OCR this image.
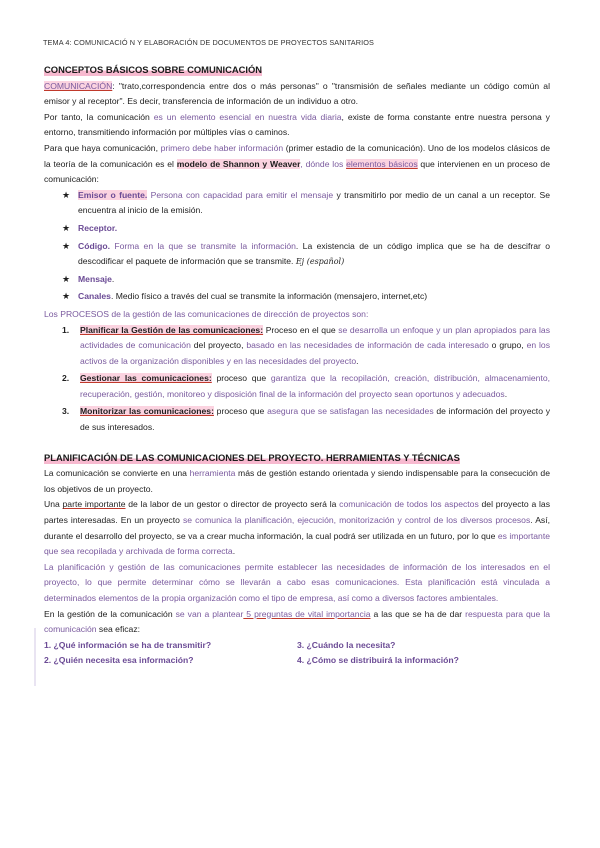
TEMA 4: COMUNICACIÓ N Y ELABORACIÓN DE DOCUMENTOS DE PROYECTOS SANITARIOS
CONCEPTOS BÁSICOS SOBRE COMUNICACIÓN

COMUNICACIÓN: "trato,correspondencia entre dos o más personas" o "transmisión de señales mediante un código común al emisor y al receptor". Es decir, transferencia de información de un individuo a otro.

Por tanto, la comunicación es un elemento esencial en nuestra vida diaria, existe de forma constante entre nuestra persona y entorno, transmitiendo información por múltiples vías o caminos.

Para que haya comunicación, primero debe haber información (primer estadio de la comunicación). Uno de los modelos clásicos de la teoría de la comunicación es el modelo de Shannon y Weaver, dónde los elementos básicos que intervienen en un proceso de comunicación:

★ Emisor o fuente. Persona con capacidad para emitir el mensaje y transmitirlo por medio de un canal a un receptor. Se encuentra al inicio de la emisión.
★ Receptor.
★ Código. Forma en la que se transmite la información. La existencia de un código implica que se ha de descifrar o descodificar el paquete de información que se transmite. Ej (español)
★ Mensaje.
★ Canales. Medio físico a través del cual se transmite la información (mensajero, internet,etc)

Los PROCESOS de la gestión de las comunicaciones de dirección de proyectos son:

1. Planificar la Gestión de las comunicaciones: Proceso en el que se desarrolla un enfoque y un plan apropiados para las actividades de comunicación del proyecto, basado en las necesidades de información de cada interesado o grupo, en los activos de la organización disponibles y en las necesidades del proyecto.
2. Gestionar las comunicaciones: proceso que garantiza que la recopilación, creación, distribución, almacenamiento, recuperación, gestión, monitoreo y disposición final de la información del proyecto sean oportunos y adecuados.
3. Monitorizar las comunicaciones: proceso que asegura que se satisfagan las necesidades de información del proyecto y de sus interesados.
PLANIFICACIÓN DE LAS COMUNICACIONES DEL PROYECTO. HERRAMIENTAS Y TÉCNICAS

La comunicación se convierte en una herramienta más de gestión estando orientada y siendo indispensable para la consecución de los objetivos de un proyecto.

Una parte importante de la labor de un gestor o director de proyecto será la comunicación de todos los aspectos del proyecto a las partes interesadas. En un proyecto se comunica la planificación, ejecución, monitorización y control de los diversos procesos. Así, durante el desarrollo del proyecto, se va a crear mucha información, la cual podrá ser utilizada en un futuro, por lo que es importante que sea recopilada y archivada de forma correcta.

La planificación y gestión de las comunicaciones permite establecer las necesidades de información de los interesados en el proyecto, lo que permite determinar cómo se llevarán a cabo esas comunicaciones. Esta planificación está vinculada a determinados elementos de la propia organización como el tipo de empresa, así como a diversos factores ambientales.

En la gestión de la comunicación se van a plantear 5 preguntas de vital importancia a las que se ha de dar respuesta para que la comunicación sea eficaz:

1. ¿Qué información se ha de transmitir?
2. ¿Quién necesita esa información?
3. ¿Cuándo la necesita?
4. ¿Cómo se distribuirá la información?
